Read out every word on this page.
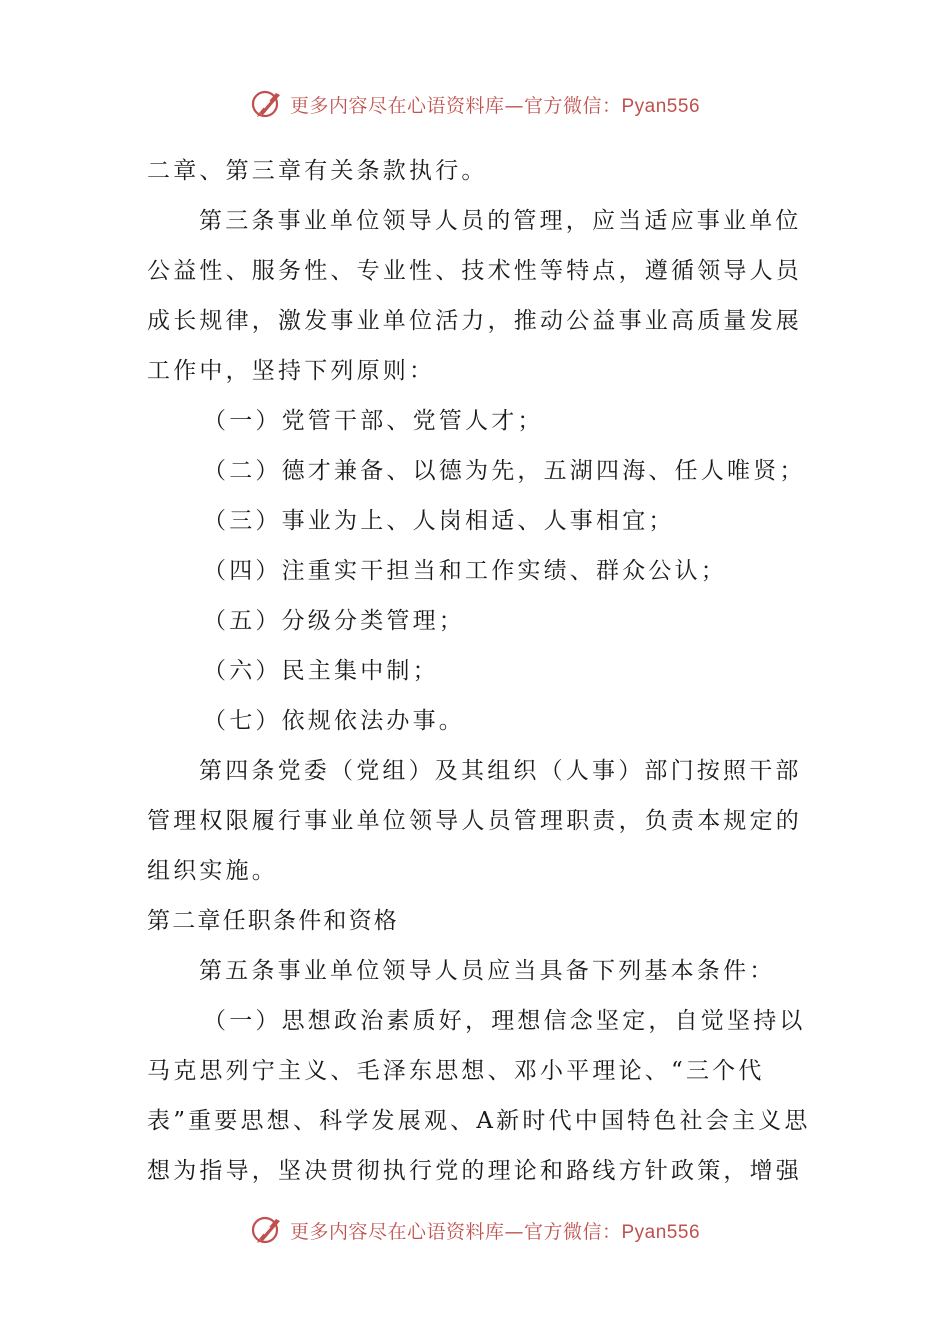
更多内容尽在心语资料库—官方微信：Pyan556
二章、第三章有关条款执行。
第三条事业单位领导人员的管理，应当适应事业单位
公益性、服务性、专业性、技术性等特点，遵循领导人员
成长规律，激发事业单位活力，推动公益事业高质量发展
工作中，坚持下列原则：
（一）党管干部、党管人才；
（二）德才兼备、以德为先，五湖四海、任人唯贤；
（三）事业为上、人岗相适、人事相宜；
（四）注重实干担当和工作实绩、群众公认；
（五）分级分类管理；
（六）民主集中制；
（七）依规依法办事。
第四条党委（党组）及其组织（人事）部门按照干部
管理权限履行事业单位领导人员管理职责，负责本规定的
组织实施。
第二章任职条件和资格
第五条事业单位领导人员应当具备下列基本条件：
（一）思想政治素质好，理想信念坚定，自觉坚持以
马克思列宁主义、毛泽东思想、邓小平理论、“三个代
表”重要思想、科学发展观、A新时代中国特色社会主义思
想为指导，坚决贯彻执行党的理论和路线方针政策，增强
更多内容尽在心语资料库—官方微信：Pyan556
